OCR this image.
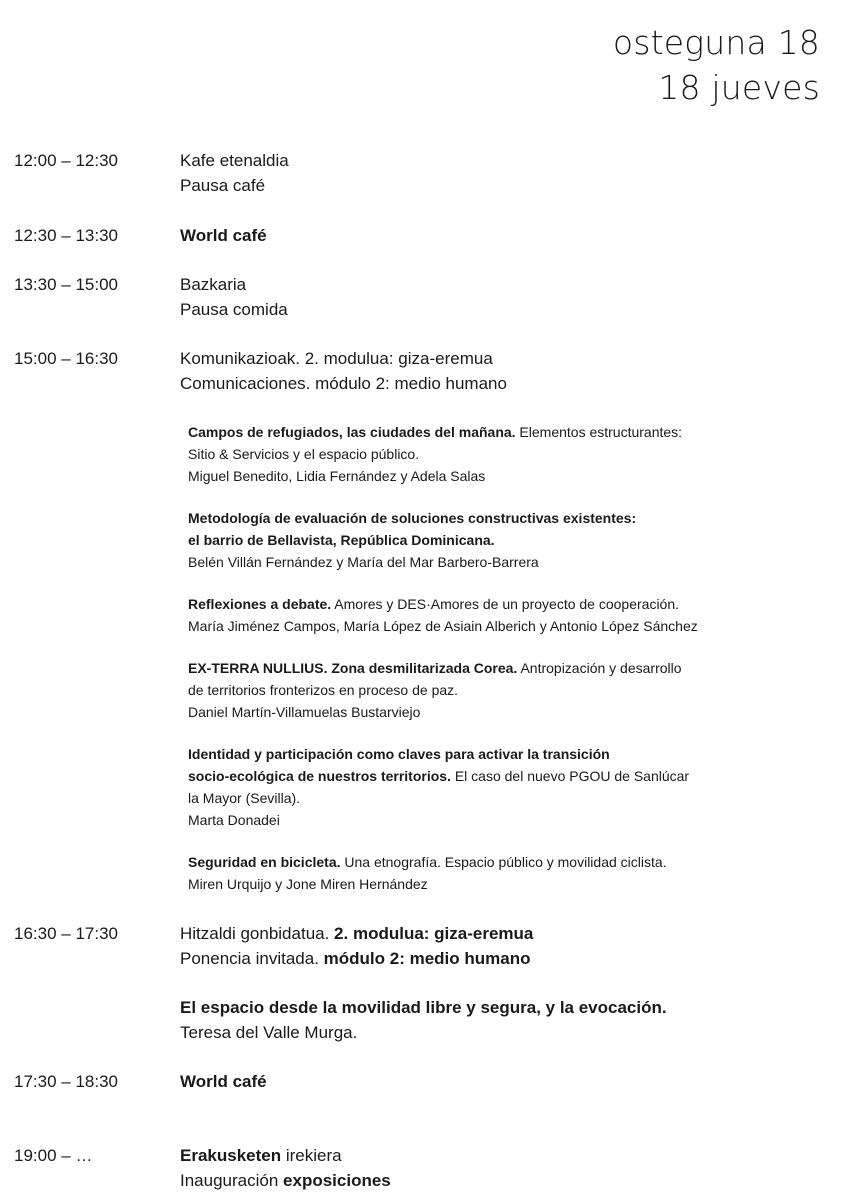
osteguna 18
18 jueves
12:00 – 12:30	Kafe etenaldia
Pausa café
12:30 – 13:30	World café
13:30 – 15:00	Bazkaria
Pausa comida
15:00 – 16:30	Komunikazioak. 2. modulua: giza-eremua
Comunicaciones. módulo 2: medio humano
Campos de refugiados, las ciudades del mañana. Elementos estructurantes:
Sitio & Servicios y el espacio público.
Miguel Benedito, Lidia Fernández y Adela Salas
Metodología de evaluación de soluciones constructivas existentes:
el barrio de Bellavista, República Dominicana.
Belén Villán Fernández y María del Mar Barbero-Barrera
Reflexiones a debate. Amores y DES·Amores de un proyecto de cooperación.
María Jiménez Campos, María López de Asiain Alberich y Antonio López Sánchez
EX-TERRA NULLIUS. Zona desmilitarizada Corea. Antropización y desarrollo
de territorios fronterizos en proceso de paz.
Daniel Martín-Villamuelas Bustarviejo
Identidad y participación como claves para activar la transición
socio-ecológica de nuestros territorios. El caso del nuevo PGOU de Sanlúcar
la Mayor (Sevilla).
Marta Donadei
Seguridad en bicicleta. Una etnografía. Espacio público y movilidad ciclista.
Miren Urquijo y Jone Miren Hernández
16:30 – 17:30	Hitzaldi gonbidatua. 2. modulua: giza-eremua
Ponencia invitada. módulo 2: medio humano
El espacio desde la movilidad libre y segura, y la evocación.
Teresa del Valle Murga.
17:30 – 18:30	World café
19:00 – …	Erakusketen irekiera
Inauguración exposiciones
